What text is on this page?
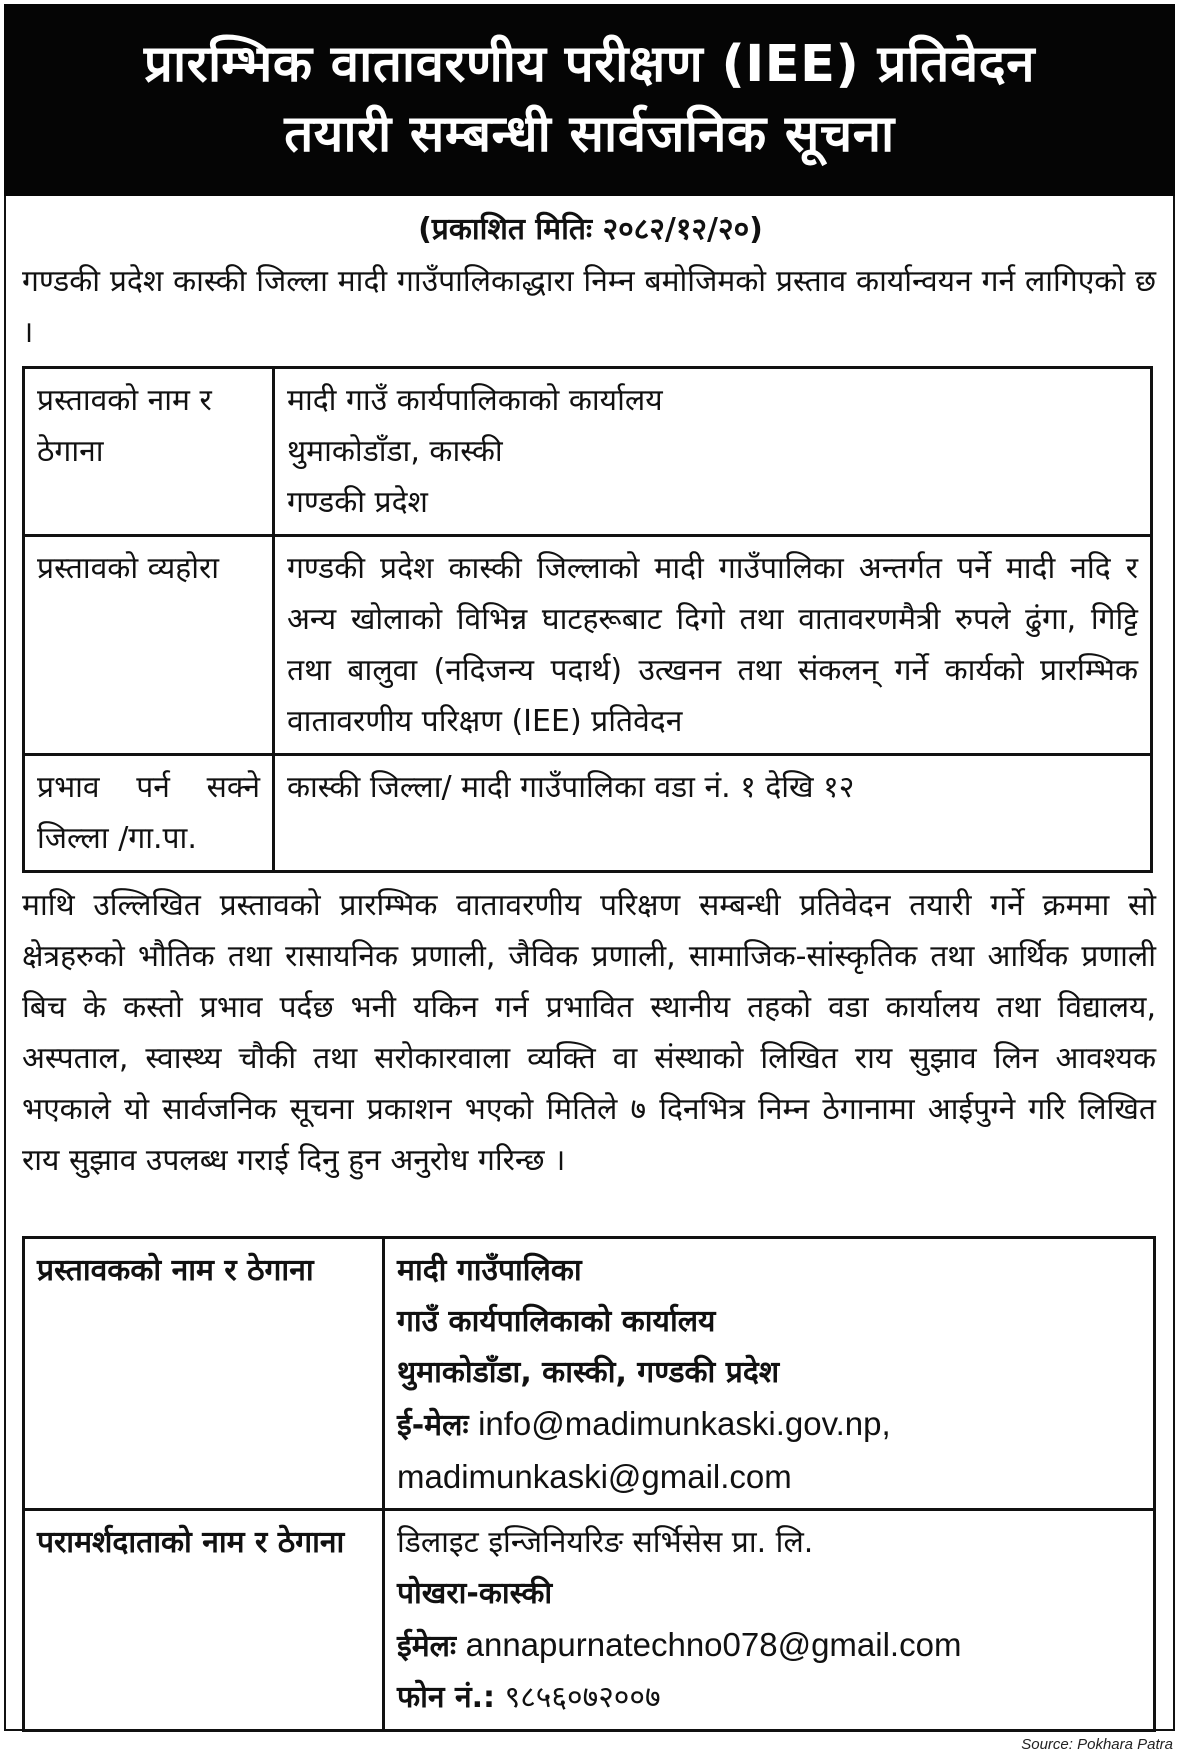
प्रारम्भिक वातावरणीय परीक्षण (IEE) प्रतिवेदन
तयारी सम्बन्धी सार्वजनिक सूचना
(प्रकाशित मितिः २०८२/१२/२०)
गण्डकी प्रदेश कास्की जिल्ला मादी गाउँपालिकाद्धारा निम्न बमोजिमको प्रस्ताव कार्यान्वयन गर्न लागिएको छ ।
प्रस्तावको नाम र ठेगाना	मादी गाउँ कार्यपालिकाको कार्यालय
थुमाकोडाँडा, कास्की
गण्डकी प्रदेश

प्रस्तावको व्यहोरा	गण्डकी प्रदेश कास्की जिल्लाको मादी गाउँपालिका अन्तर्गत पर्ने मादी नदि र अन्य खोलाको विभिन्न घाटहरूबाट दिगो तथा वातावरणमैत्री रुपले ढुंगा, गिट्टि तथा बालुवा (नदिजन्य पदार्थ) उत्खनन तथा संकलन् गर्ने कार्यको प्रारम्भिक वातावरणीय परिक्षण (IEE) प्रतिवेदन
प्रभाव पर्न सक्ने जिल्ला /गा.पा.	कास्की जिल्ला/ मादी गाउँपालिका वडा नं. १ देखि १२
माथि उल्लिखित प्रस्तावको प्रारम्भिक वातावरणीय परिक्षण सम्बन्धी प्रतिवेदन तयारी गर्ने क्रममा सो क्षेत्रहरुको भौतिक तथा रासायनिक प्रणाली, जैविक प्रणाली, सामाजिक-सांस्कृतिक तथा आर्थिक प्रणाली बिच के कस्तो प्रभाव पर्दछ भनी यकिन गर्न प्रभावित स्थानीय तहको वडा कार्यालय तथा विद्यालय, अस्पताल, स्वास्थ्य चौकी तथा सरोकारवाला व्यक्ति वा संस्थाको लिखित राय सुझाव लिन आवश्यक भएकाले यो सार्वजनिक सूचना प्रकाशन भएको मितिले ७ दिनभित्र निम्न ठेगानामा आईपुग्ने गरि लिखित राय सुझाव उपलब्ध गराई दिनु हुन अनुरोध गरिन्छ ।
प्रस्तावकको नाम र ठेगाना	मादी गाउँपालिका
गाउँ कार्यपालिकाको कार्यालय
थुमाकोडाँडा, कास्की, गण्डकी प्रदेश
ई-मेलः info@madimunkaski.gov.np,
madimunkaski@gmail.com

परामर्शदाताको नाम र ठेगाना	डिलाइट इन्जिनियरिङ सर्भिसेस प्रा. लि.
पोखरा-कास्की
ईमेलः annapurnatechno078@gmail.com
फोन नं.: ९८५६०७२००७
Source: Pokhara Patra
